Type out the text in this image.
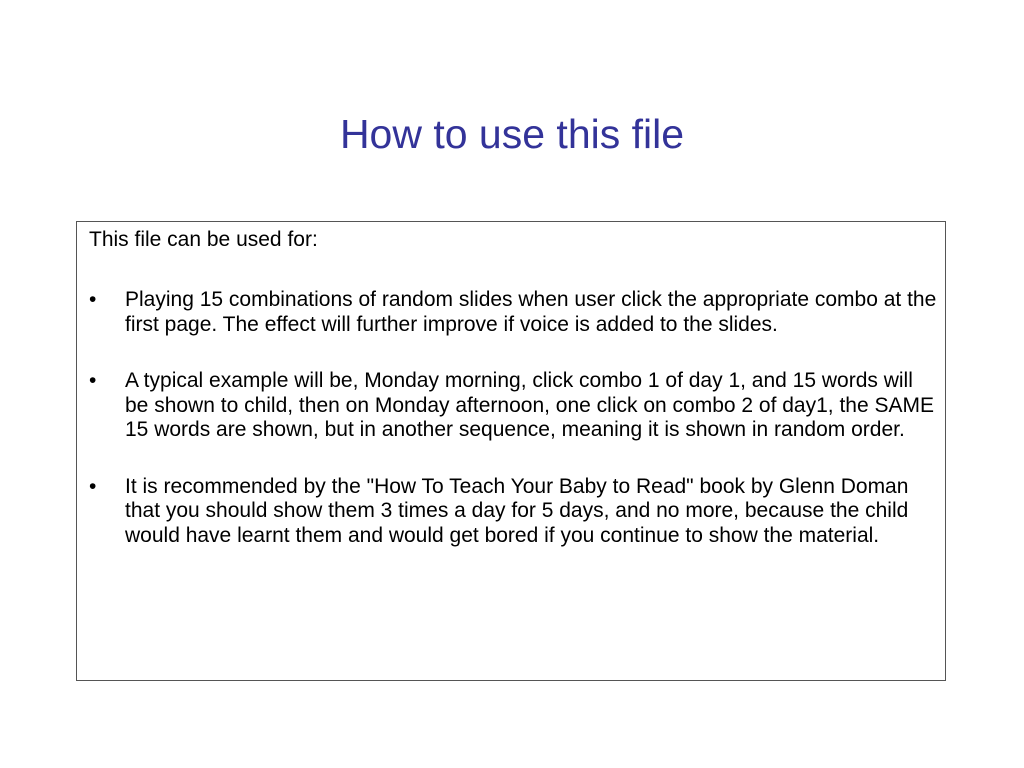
How to use this file

This file can be used for:

• Playing 15 combinations of random slides when user click the appropriate combo at the first page. The effect will further improve if voice is added to the slides.
• A typical example will be, Monday morning, click combo 1 of day 1, and 15 words will be shown to child, then on Monday afternoon, one click on combo 2 of day1, the SAME 15 words are shown, but in another sequence, meaning it is shown in random order.
• It is recommended by the "How To Teach Your Baby to Read" book by Glenn Doman that you should show them 3 times a day for 5 days, and no more, because the child would have learnt them and would get bored if you continue to show the material.
